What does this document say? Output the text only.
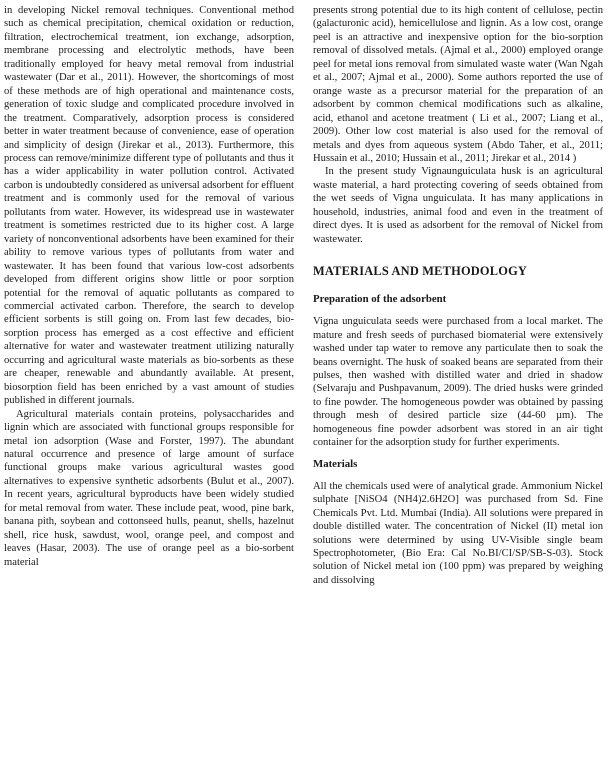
in developing Nickel removal techniques. Conventional method such as chemical precipitation, chemical oxidation or reduction, filtration, electrochemical treatment, ion exchange, adsorption, membrane processing and electrolytic methods, have been traditionally employed for heavy metal removal from industrial wastewater (Dar et al., 2011). However, the shortcomings of most of these methods are of high operational and maintenance costs, generation of toxic sludge and complicated procedure involved in the treatment. Comparatively, adsorption process is considered better in water treatment because of convenience, ease of operation and simplicity of design (Jirekar et al., 2013). Furthermore, this process can remove/minimize different type of pollutants and thus it has a wider applicability in water pollution control. Activated carbon is undoubtedly considered as universal adsorbent for effluent treatment and is commonly used for the removal of various pollutants from water. However, its widespread use in wastewater treatment is sometimes restricted due to its higher cost. A large variety of nonconventional adsorbents have been examined for their ability to remove various types of pollutants from water and wastewater. It has been found that various low-cost adsorbents developed from different origins show little or poor sorption potential for the removal of aquatic pollutants as compared to commercial activated carbon. Therefore, the search to develop efficient sorbents is still going on. From last few decades, bio-sorption process has emerged as a cost effective and efficient alternative for water and wastewater treatment utilizing naturally occurring and agricultural waste materials as bio-sorbents as these are cheaper, renewable and abundantly available. At present, biosorption field has been enriched by a vast amount of studies published in different journals.

Agricultural materials contain proteins, polysaccharides and lignin which are associated with functional groups responsible for metal ion adsorption (Wase and Forster, 1997). The abundant natural occurrence and presence of large amount of surface functional groups make various agricultural wastes good alternatives to expensive synthetic adsorbents (Bulut et al., 2007). In recent years, agricultural byproducts have been widely studied for metal removal from water. These include peat, wood, pine bark, banana pith, soybean and cottonseed hulls, peanut, shells, hazelnut shell, rice husk, sawdust, wool, orange peel, and compost and leaves (Hasar, 2003). The use of orange peel as a bio-sorbent material

presents strong potential due to its high content of cellulose, pectin (galacturonic acid), hemicellulose and lignin. As a low cost, orange peel is an attractive and inexpensive option for the bio-sorption removal of dissolved metals. (Ajmal et al., 2000) employed orange peel for metal ions removal from simulated waste water (Wan Ngah et al., 2007; Ajmal et al., 2000). Some authors reported the use of orange waste as a precursor material for the preparation of an adsorbent by common chemical modifications such as alkaline, acid, ethanol and acetone treatment ( Li et al., 2007; Liang et al., 2009). Other low cost material is also used for the removal of metals and dyes from aqueous system (Abdo Taher, et al., 2011; Hussain et al., 2010; Hussain et al., 2011; Jirekar et al., 2014 )

In the present study Vignaunguiculata husk is an agricultural waste material, a hard protecting covering of seeds obtained from the wet seeds of Vigna unguiculata. It has many applications in household, industries, animal food and even in the treatment of direct dyes. It is used as adsorbent for the removal of Nickel from wastewater.

MATERIALS AND METHODOLOGY
Preparation of the adsorbent

Vigna unguiculata seeds were purchased from a local market. The mature and fresh seeds of purchased biomaterial were extensively washed under tap water to remove any particulate then to soak the beans overnight. The husk of soaked beans are separated from their pulses, then washed with distilled water and dried in shadow (Selvaraju and Pushpavanum, 2009). The dried husks were grinded to fine powder. The homogeneous powder was obtained by passing through mesh of desired particle size (44-60 µm). The homogeneous fine powder adsorbent was stored in an air tight container for the adsorption study for further experiments.

Materials

All the chemicals used were of analytical grade. Ammonium Nickel sulphate [NiSO4 (NH4)2.6H2O] was purchased from Sd. Fine Chemicals Pvt. Ltd. Mumbai (India). All solutions were prepared in double distilled water. The concentration of Nickel (II) metal ion solutions were determined by using UV-Visible single beam Spectrophotometer, (Bio Era: Cal No.BI/CI/SP/SB-S-03). Stock solution of Nickel metal ion (100 ppm) was prepared by weighing and dissolving
